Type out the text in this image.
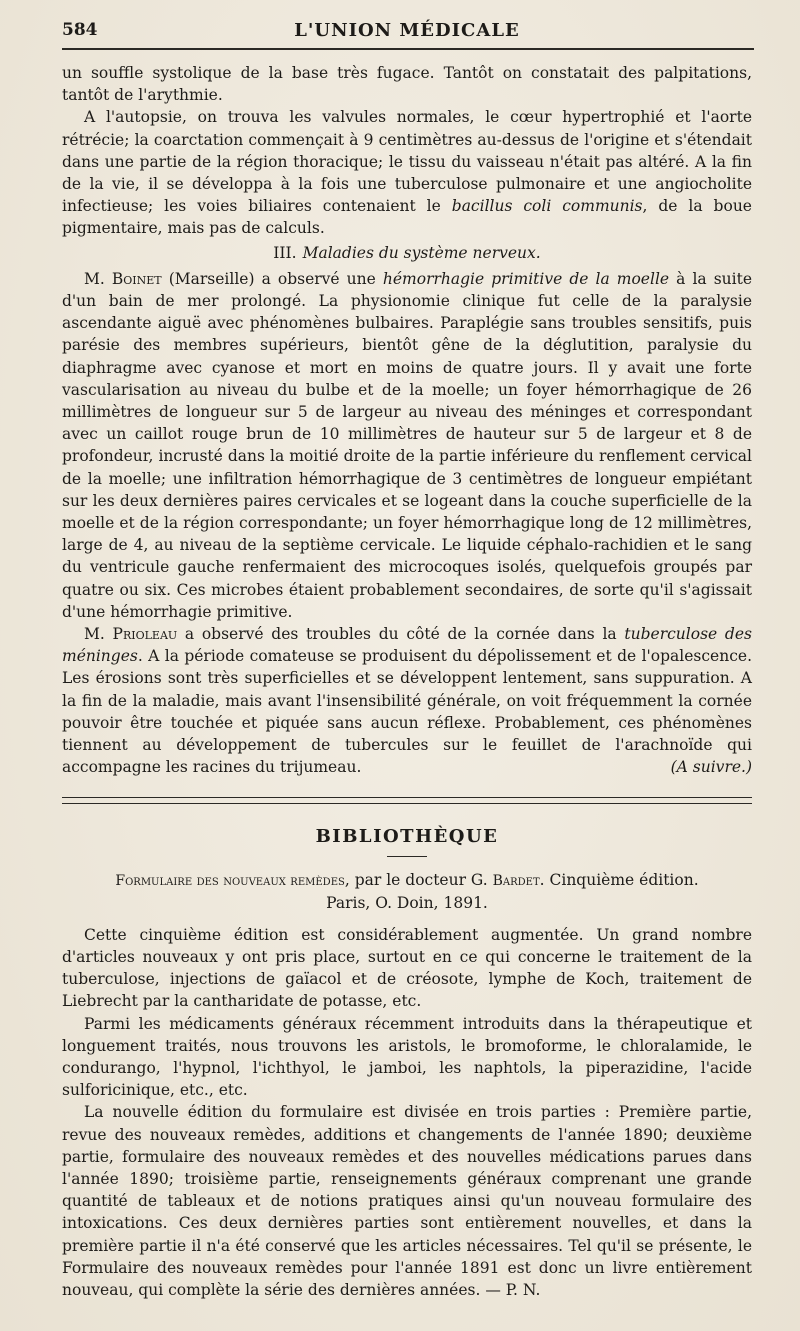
584	L'UNION MÉDICALE

un souffle systolique de la base très fugace. Tantôt on constatait des palpitations, tantôt de l'arythmie.

A l'autopsie, on trouva les valvules normales, le cœur hypertrophié et l'aorte rétrécie; la coarctation commençait à 9 centimètres au-dessus de l'origine et s'étendait dans une partie de la région thoracique; le tissu du vaisseau n'était pas altéré. A la fin de la vie, il se développa à la fois une tuberculose pulmonaire et une angiocholite infectieuse; les voies biliaires contenaient le bacillus coli communis, de la boue pigmentaire, mais pas de calculs.

III. Maladies du système nerveux.

M. Boinet (Marseille) a observé une hémorrhagie primitive de la moelle à la suite d'un bain de mer prolongé. La physionomie clinique fut celle de la paralysie ascendante aiguë avec phénomènes bulbaires. Paraplégie sans troubles sensitifs, puis parésie des membres supérieurs, bientôt gêne de la déglutition, paralysie du diaphragme avec cyanose et mort en moins de quatre jours. Il y avait une forte vascularisation au niveau du bulbe et de la moelle; un foyer hémorrhagique de 26 millimètres de longueur sur 5 de largeur au niveau des méninges et correspondant avec un caillot rouge brun de 10 millimètres de hauteur sur 5 de largeur et 8 de profondeur, incrusté dans la moitié droite de la partie inférieure du renflement cervical de la moelle; une infiltration hémorrhagique de 3 centimètres de longueur empiétant sur les deux dernières paires cervicales et se logeant dans la couche superficielle de la moelle et de la région correspondante; un foyer hémorrhagique long de 12 millimètres, large de 4, au niveau de la septième cervicale. Le liquide céphalo-rachidien et le sang du ventricule gauche renfermaient des microcoques isolés, quelquefois groupés par quatre ou six. Ces microbes étaient probablement secondaires, de sorte qu'il s'agissait d'une hémorrhagie primitive.

M. Prioleau a observé des troubles du côté de la cornée dans la tuberculose des méninges. A la période comateuse se produisent du dépolissement et de l'opalescence. Les érosions sont très superficielles et se développent lentement, sans suppuration. A la fin de la maladie, mais avant l'insensibilité générale, on voit fréquemment la cornée pouvoir être touchée et piquée sans aucun réflexe. Probablement, ces phénomènes tiennent au développement de tubercules sur le feuillet de l'arachnoïde qui accompagne les racines du trijumeau.	(A suivre.)

BIBLIOTHÈQUE
Formulaire des nouveaux remèdes, par le docteur G. Bardet. Cinquième édition.
Paris, O. Doin, 1891.

Cette cinquième édition est considérablement augmentée. Un grand nombre d'articles nouveaux y ont pris place, surtout en ce qui concerne le traitement de la tuberculose, injections de gaïacol et de créosote, lymphe de Koch, traitement de Liebrecht par la cantharidate de potasse, etc.

Parmi les médicaments généraux récemment introduits dans la thérapeutique et longuement traités, nous trouvons les aristols, le bromoforme, le chloralamide, le condurango, l'hypnol, l'ichthyol, le jamboi, les naphtols, la piperazidine, l'acide sulforicinique, etc., etc.

La nouvelle édition du formulaire est divisée en trois parties : Première partie, revue des nouveaux remèdes, additions et changements de l'année 1890; deuxième partie, formulaire des nouveaux remèdes et des nouvelles médications parues dans l'année 1890; troisième partie, renseignements généraux comprenant une grande quantité de tableaux et de notions pratiques ainsi qu'un nouveau formulaire des intoxications. Ces deux dernières parties sont entièrement nouvelles, et dans la première partie il n'a été conservé que les articles nécessaires. Tel qu'il se présente, le Formulaire des nouveaux remèdes pour l'année 1891 est donc un livre entièrement nouveau, qui complète la série des dernières années. — P. N.
